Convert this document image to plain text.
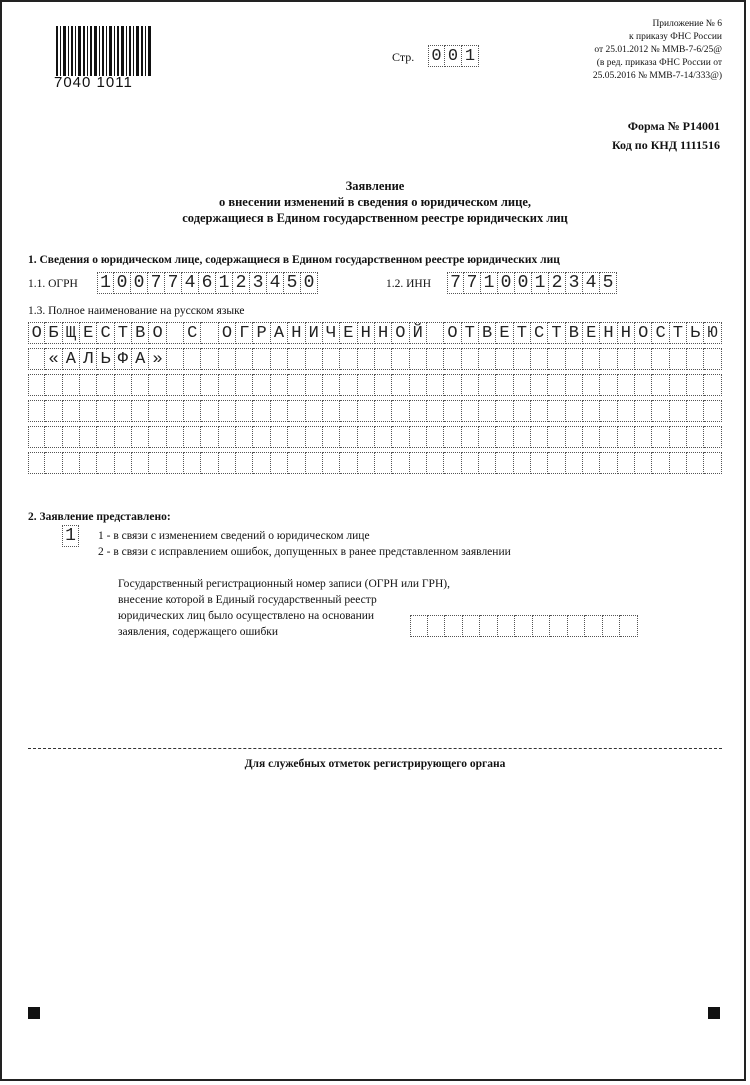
7040 1011
Стр. 0 0 1
Приложение № 6
к приказу ФНС России
от 25.01.2012 № ММВ-7-6/25@
(в ред. приказа ФНС России от
25.05.2016 № ММВ-7-14/333@)
Форма № Р14001
Код по КНД 1111516
Заявление
о внесении изменений в сведения о юридическом лице,
содержащиеся в Едином государственном реестре юридических лиц
1. Сведения о юридическом лице, содержащиеся в Едином государственном реестре юридических лиц
1.1. ОГРН 1 0 0 7 7 4 6 1 2 3 4 5 0	1.2. ИНН 7 7 1 0 0 1 2 3 4 5
1.3. Полное наименование на русском языке
О Б Щ Е С Т В О С О Г Р А Н И Ч Е Н Н О Й О Т В Е Т С Т В Е Н Н О С Т Ь Ю
« А Л Ь Ф А »
2. Заявление представлено:
1 1 - в связи с изменением сведений о юридическом лице
2 - в связи с исправлением ошибок, допущенных в ранее представленном заявлении
Государственный регистрационный номер записи (ОГРН или ГРН),
внесение которой в Единый государственный реестр
юридических лиц было осуществлено на основании
заявления, содержащего ошибки
Для служебных отметок регистрирующего органа
